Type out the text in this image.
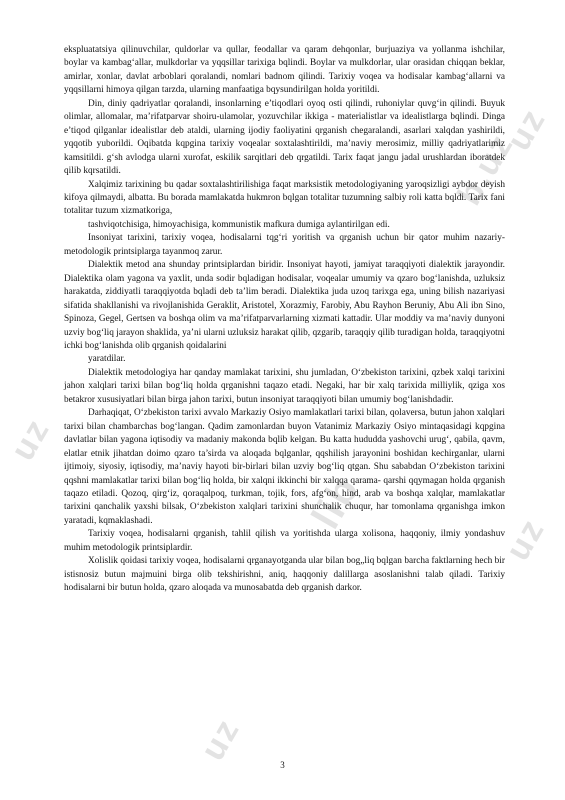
uz
b.uz
uz
lib
uz
uz

ekspluatatsiya qilinuvchilar, quldorlar va qullar, feodallar va qaram dehqonlar, burjuaziya va yollanma ishchilar, boylar va kambag‘allar, mulkdorlar va yqqsillar tarixiga bqlindi. Boylar va mulkdorlar, ular orasidan chiqqan beklar, amirlar, xonlar, davlat arboblari qoralandi, nomlari badnom qilindi. Tarixiy voqea va hodisalar kambag‘allarni va yqqsillarni himoya qilgan tarzda, ularning manfaatiga bqysundirilgan holda yoritildi.

Din, diniy qadriyatlar qoralandi, insonlarning e’tiqodlari oyoq osti qilindi, ruhoniylar quvg‘in qilindi. Buyuk olimlar, allomalar, ma’rifatparvar shoiru-ulamolar, yozuvchilar ikkiga - materialistlar va idealistlarga bqlindi. Dinga e’tiqod qilganlar idealistlar deb ataldi, ularning ijodiy faoliyatini qrganish chegaralandi, asarlari xalqdan yashirildi, yqqotib yuborildi. Oqibatda kqpgina tarixiy voqealar soxtalashtirildi, ma’naviy merosimiz, milliy qadriyatlarimiz kamsitildi. g‘sh avlodga ularni xurofat, eskilik sarqitlari deb qrgatildi. Tarix faqat jangu jadal urushlardan iboratdek qilib kqrsatildi.

Xalqimiz tarixining bu qadar soxtalashtirilishiga faqat marksistik metodologiyaning yaroqsizligi aybdor deyish kifoya qilmaydi, albatta. Bu borada mamlakatda hukmron bqlgan totalitar tuzumning salbiy roli katta bqldi. Tarix fani totalitar tuzum xizmatkoriga,

tashviqotchisiga, himoyachisiga, kommunistik mafkura dumiga aylantirilgan edi.

Insoniyat tarixini, tarixiy voqea, hodisalarni tqg‘ri yoritish va qrganish uchun bir qator muhim nazariy- metodologik printsiplarga tayanmoq zarur.

Dialektik metod ana shunday printsiplardan biridir. Insoniyat hayoti, jamiyat taraqqiyoti dialektik jarayondir. Dialektika olam yagona va yaxlit, unda sodir bqladigan hodisalar, voqealar umumiy va qzaro bog‘lanishda, uzluksiz harakatda, ziddiyatli taraqqiyotda bqladi deb ta’lim beradi. Dialektika juda uzoq tarixga ega, uning bilish nazariyasi sifatida shakllanishi va rivojlanishida Geraklit, Aristotel, Xorazmiy, Farobiy, Abu Rayhon Beruniy, Abu Ali ibn Sino, Spinoza, Gegel, Gertsen va boshqa olim va ma’rifatparvarlarning xizmati kattadir. Ular moddiy va ma’naviy dunyoni uzviy bog‘liq jarayon shaklida, ya’ni ularni uzluksiz harakat qilib, qzgarib, taraqqiy qilib turadigan holda, taraqqiyotni ichki bog‘lanishda olib qrganish qoidalarini

yaratdilar.

Dialektik metodologiya har qanday mamlakat tarixini, shu jumladan, O‘zbekiston tarixini, qzbek xalqi tarixini jahon xalqlari tarixi bilan bog‘liq holda qrganishni taqazo etadi. Negaki, har bir xalq tarixida milliylik, qziga xos betakror xususiyatlari bilan birga jahon tarixi, butun insoniyat taraqqiyoti bilan umumiy bog‘lanishdadir.

Darhaqiqat, O‘zbekiston tarixi avvalo Markaziy Osiyo mamlakatlari tarixi bilan, qolaversa, butun jahon xalqlari tarixi bilan chambarchas bog‘langan. Qadim zamonlardan buyon Vatanimiz Markaziy Osiyo mintaqasidagi kqpgina davlatlar bilan yagona iqtisodiy va madaniy makonda bqlib kelgan. Bu katta hududda yashovchi urug‘, qabila, qavm, elatlar etnik jihatdan doimo qzaro ta’sirda va aloqada bqlganlar, qqshilish jarayonini boshidan kechirganlar, ularni ijtimoiy, siyosiy, iqtisodiy, ma’naviy hayoti bir-birlari bilan uzviy bog‘liq qtgan. Shu sababdan O‘zbekiston tarixini qqshni mamlakatlar tarixi bilan bog‘liq holda, bir xalqni ikkinchi bir xalqqa qarama- qarshi qqymagan holda qrganish taqazo etiladi. Qozoq, qirg‘iz, qoraqalpoq, turkman, tojik, fors, afg‘on, hind, arab va boshqa xalqlar, mamlakatlar tarixini qanchalik yaxshi bilsak, O‘zbekiston xalqlari tarixini shunchalik chuqur, har tomonlama qrganishga imkon yaratadi, kqmaklashadi.

Tarixiy voqea, hodisalarni qrganish, tahlil qilish va yoritishda ularga xolisona, haqqoniy, ilmiy yondashuv muhim metodologik printsiplardir.

Xolislik qoidasi tarixiy voqea, hodisalarni qrganayotganda ular bilan bog„liq bqlgan barcha faktlarning hech bir istisnosiz butun majmuini birga olib tekshirishni, aniq, haqqoniy dalillarga asoslanishni talab qiladi. Tarixiy hodisalarni bir butun holda, qzaro aloqada va munosabatda deb qrganish darkor.

3
